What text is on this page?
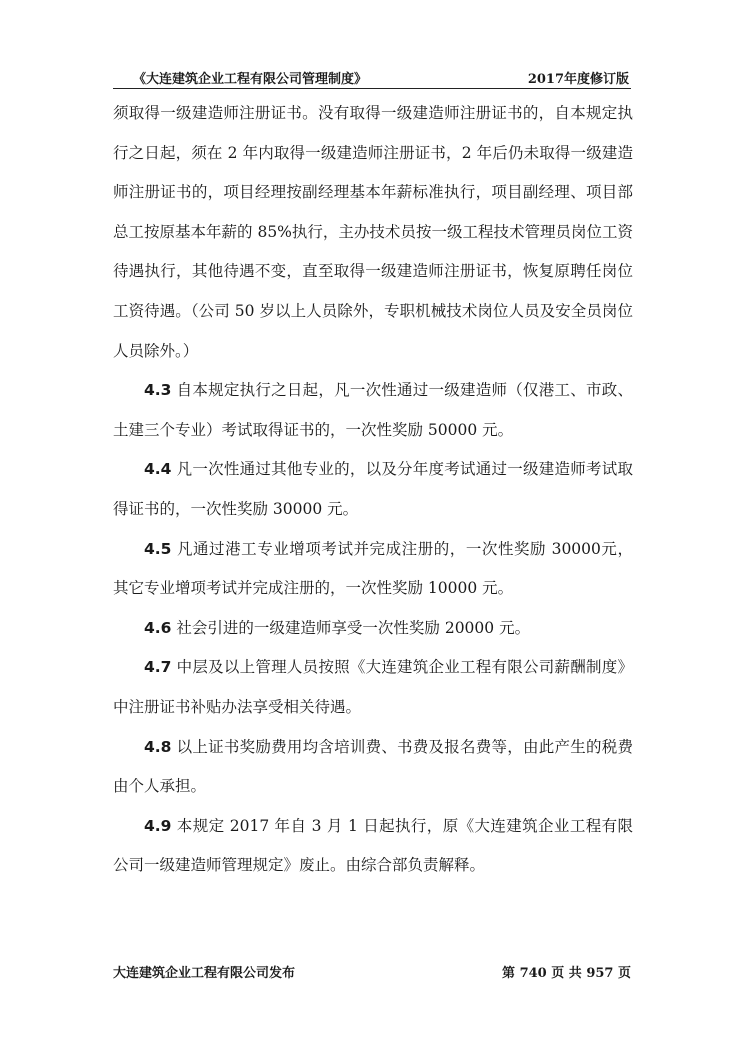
《大连建筑企业工程有限公司管理制度》	2017年度修订版

须取得一级建造师注册证书。没有取得一级建造师注册证书的，自本规定执行之日起，须在 2 年内取得一级建造师注册证书，2 年后仍未取得一级建造师注册证书的，项目经理按副经理基本年薪标准执行，项目副经理、项目部总工按原基本年薪的 85%执行，主办技术员按一级工程技术管理员岗位工资待遇执行，其他待遇不变，直至取得一级建造师注册证书，恢复原聘任岗位工资待遇。（公司 50 岁以上人员除外，专职机械技术岗位人员及安全员岗位人员除外。）

4.3 自本规定执行之日起，凡一次性通过一级建造师（仅港工、市政、土建三个专业）考试取得证书的，一次性奖励 50000 元。

4.4 凡一次性通过其他专业的，以及分年度考试通过一级建造师考试取得证书的，一次性奖励 30000 元。

4.5 凡通过港工专业增项考试并完成注册的，一次性奖励 30000元，其它专业增项考试并完成注册的，一次性奖励 10000 元。

4.6 社会引进的一级建造师享受一次性奖励 20000 元。

4.7 中层及以上管理人员按照《大连建筑企业工程有限公司薪酬制度》中注册证书补贴办法享受相关待遇。

4.8 以上证书奖励费用均含培训费、书费及报名费等，由此产生的税费由个人承担。

4.9 本规定 2017 年自 3 月 1 日起执行，原《大连建筑企业工程有限公司一级建造师管理规定》废止。由综合部负责解释。

大连建筑企业工程有限公司发布	第 740 页 共 957 页
